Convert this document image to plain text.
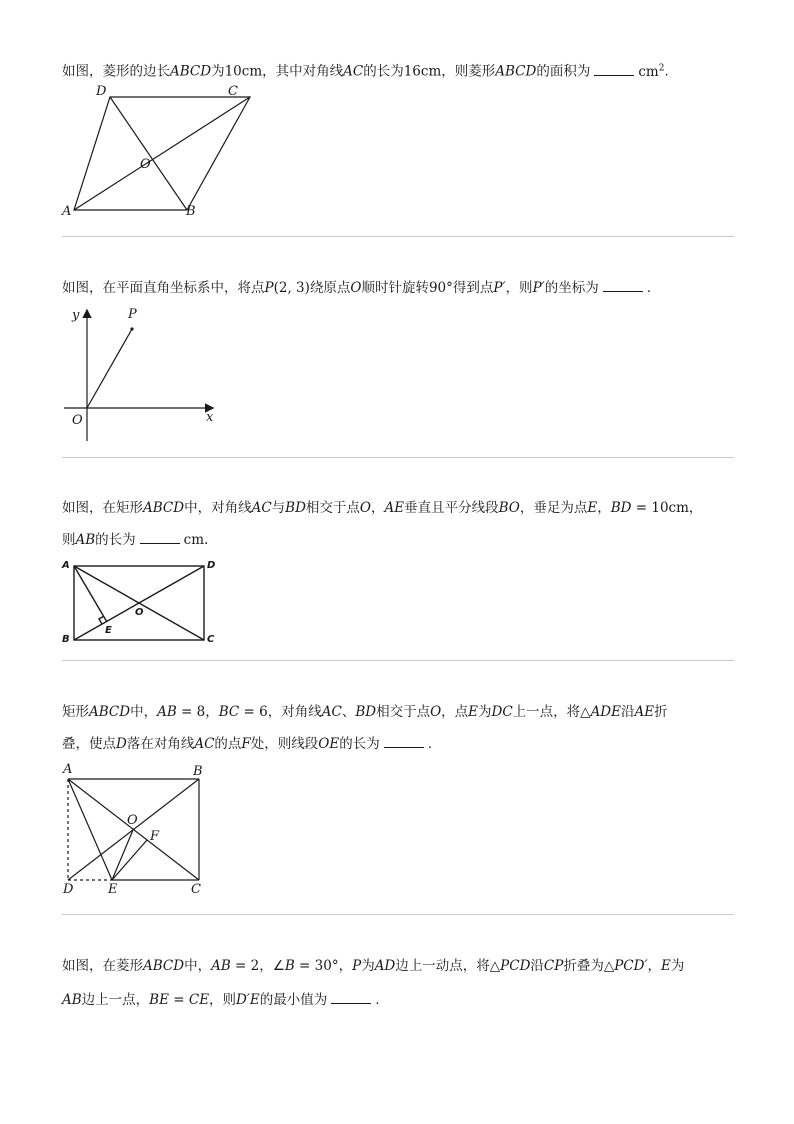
如图，菱形的边长ABCD为10cm，其中对角线AC的长为16cm，则菱形ABCD的面积为	$cm^2$.
A	B
C
D
O
如图，在平面直角坐标系中，将点P(2, 3)绕原点O顺时针旋转90°得到点P′，则P′的坐标为	.
y
x
O
P
如图，在矩形ABCD中，对角线AC与BD相交于点O，AE垂直且平分线段BO，垂足为点E，BD = 10cm，
则AB的长为	cm.
A
B	C
D
O
E
矩形ABCD中，AB = 8，BC = 6，对角线AC、BD相交于点O，点E为DC上一点，将△ADE沿AE折
叠，使点D落在对角线AC的点F处，则线段OE的长为	.
A	B
C
D
O
E
F
如图，在菱形ABCD中，AB = 2，∠B = 30°，P为AD边上一动点，将△PCD沿CP折叠为△PCD′，E为
AB边上一点，BE = CE，则D′E的最小值为	.
